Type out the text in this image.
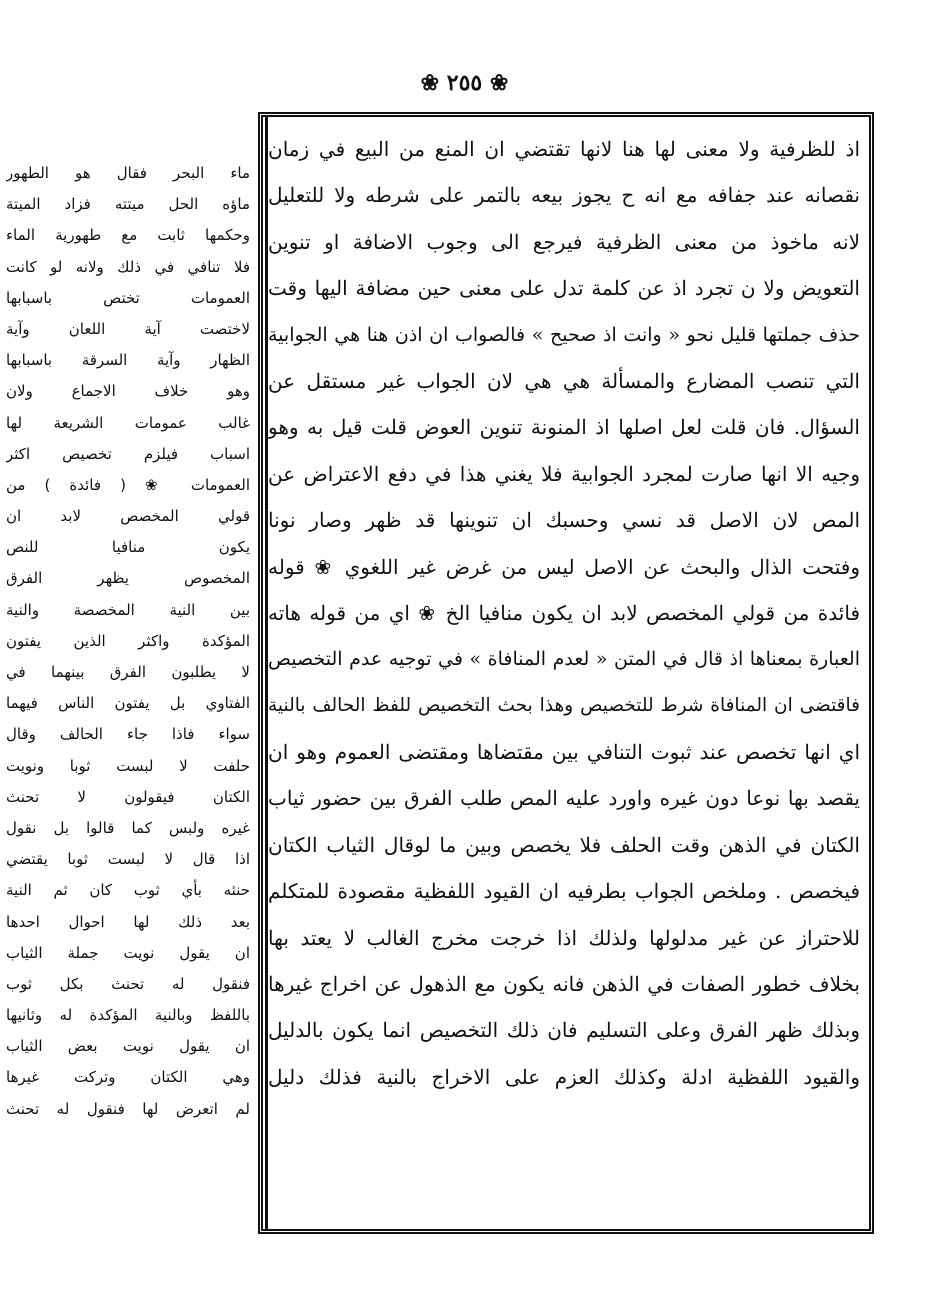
❀ ٢٥٥ ❀
اذ للظرفية ولا معنى لها هنا لانها تقتضي ان المنع من البيع في زمان
نقصانه عند جفافه مع انه ح يجوز بيعه بالتمر على شرطه ولا للتعليل
لانه ماخوذ من معنى الظرفية فيرجع الى وجوب الاضافة او تنوين
التعويض ولا ن تجرد اذ عن كلمة تدل على معنى حين مضافة اليها وقت
حذف جملتها قليل نحو « وانت اذ صحيح » فالصواب ان اذن هنا هي الجوابية
التي تنصب المضارع والمسألة هي هي لان الجواب غير مستقل عن
السؤال. فان قلت لعل اصلها اذ المنونة تنوين العوض قلت قيل به وهو
وجيه الا انها صارت لمجرد الجوابية فلا يغني هذا في دفع الاعتراض عن
المص لان الاصل قد نسي وحسبك ان تنوينها قد ظهر وصار نونا
وفتحت الذال والبحث عن الاصل ليس من غرض غير اللغوي ❀ قوله
فائدة من قولي المخصص لابد ان يكون منافيا الخ ❀ اي من قوله هاته
العبارة بمعناها اذ قال في المتن « لعدم المنافاة » في توجيه عدم التخصيص
فاقتضى ان المنافاة شرط للتخصيص وهذا بحث التخصيص للفظ الحالف بالنية
اي انها تخصص عند ثبوت التنافي بين مقتضاها ومقتضى العموم وهو ان
يقصد بها نوعا دون غيره واورد عليه المص طلب الفرق بين حضور ثياب
الكتان في الذهن وقت الحلف فلا يخصص وبين ما لوقال الثياب الكتان
فيخصص . وملخص الجواب بطرفيه ان القيود اللفظية مقصودة للمتكلم
للاحتراز عن غير مدلولها ولذلك اذا خرجت مخرج الغالب لا يعتد بها
بخلاف خطور الصفات في الذهن فانه يكون مع الذهول عن اخراج غيرها
وبذلك ظهر الفرق وعلى التسليم فان ذلك التخصيص انما يكون بالدليل
والقيود اللفظية ادلة وكذلك العزم على الاخراج بالنية فذلك دليل
ماء البحر فقال هو الطهور
ماؤه الحل ميتته فزاد الميتة
وحكمها ثابت مع طهورية الماء
فلا تنافي في ذلك ولانه لو كانت
العمومات تختص باسبابها
لاختصت آية اللعان وآية
الظهار وآية السرقة باسبابها
وهو خلاف الاجماع ولان
غالب عمومات الشريعة لها
اسباب فيلزم تخصيص اكثر
العمومات ❀ ( فائدة ) من
قولي المخصص لابد ان
يكون منافيا للنص
المخصوص يظهر الفرق
بين النية المخصصة والنية
المؤكدة واكثر الذين يفتون
لا يطلبون الفرق بينهما في
الفتاوي بل يفتون الناس فيهما
سواء فاذا جاء الحالف وقال
حلفت لا لبست ثوبا ونويت
الكتان فيقولون لا تحنث
غيره ولبس كما قالوا بل نقول
اذا قال لا لبست ثوبا يقتضي
حنثه بأي ثوب كان ثم النية
بعد ذلك لها احوال احدها
ان يقول نويت جملة الثياب
فنقول له تحنث بكل ثوب
باللفظ وبالنية المؤكدة له وثانيها
ان يقول نويت بعض الثياب
وهي الكتان وتركت غيرها
لم اتعرض لها فنقول له تحنث
